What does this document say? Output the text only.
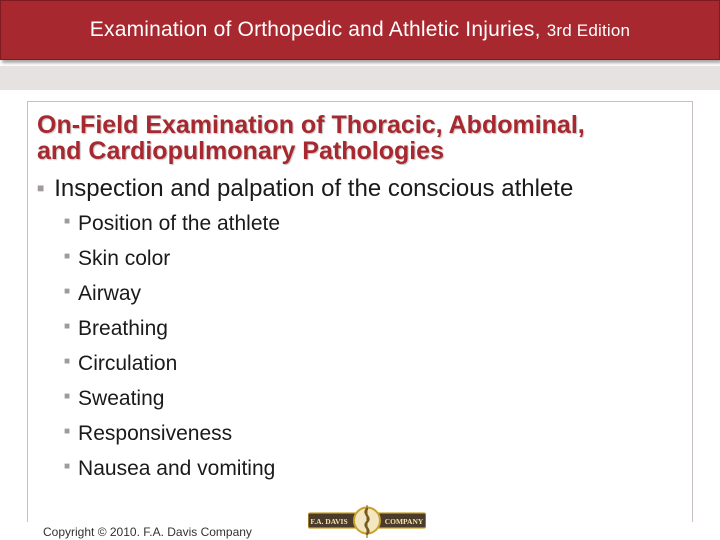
Examination of Orthopedic and Athletic Injuries, 3rd Edition
On-Field Examination of Thoracic, Abdominal,
and Cardiopulmonary Pathologies
■ Inspection and palpation of the conscious athlete
■ Position of the athlete
■ Skin color
■ Airway
■ Breathing
■ Circulation
■ Sweating
■ Responsiveness
■ Nausea and vomiting
Copyright © 2010. F.A. Davis Company
F.A. DAVIS	COMPANY
